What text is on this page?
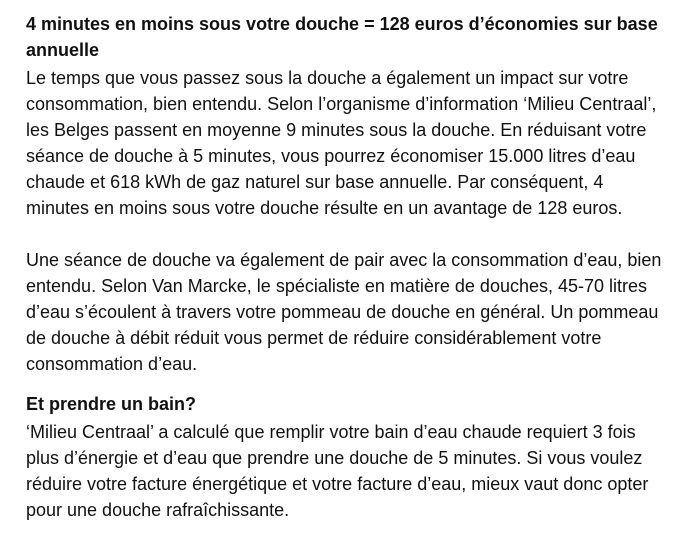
4 minutes en moins sous votre douche = 128 euros d’économies sur base annuelle

Le temps que vous passez sous la douche a également un impact sur votre consommation, bien entendu. Selon l’organisme d’information ‘Milieu Centraal’, les Belges passent en moyenne 9 minutes sous la douche. En réduisant votre séance de douche à 5 minutes, vous pourrez économiser 15.000 litres d’eau chaude et 618 kWh de gaz naturel sur base annuelle. Par conséquent, 4 minutes en moins sous votre douche résulte en un avantage de 128 euros.

Une séance de douche va également de pair avec la consommation d’eau, bien entendu. Selon Van Marcke, le spécialiste en matière de douches, 45-70 litres d’eau s’écoulent à travers votre pommeau de douche en général. Un pommeau de douche à débit réduit vous permet de réduire considérablement votre consommation d’eau.

Et prendre un bain?

‘Milieu Centraal’ a calculé que remplir votre bain d’eau chaude requiert 3 fois plus d’énergie et d’eau que prendre une douche de 5 minutes. Si vous voulez réduire votre facture énergétique et votre facture d’eau, mieux vaut donc opter pour une douche rafraîchissante.
